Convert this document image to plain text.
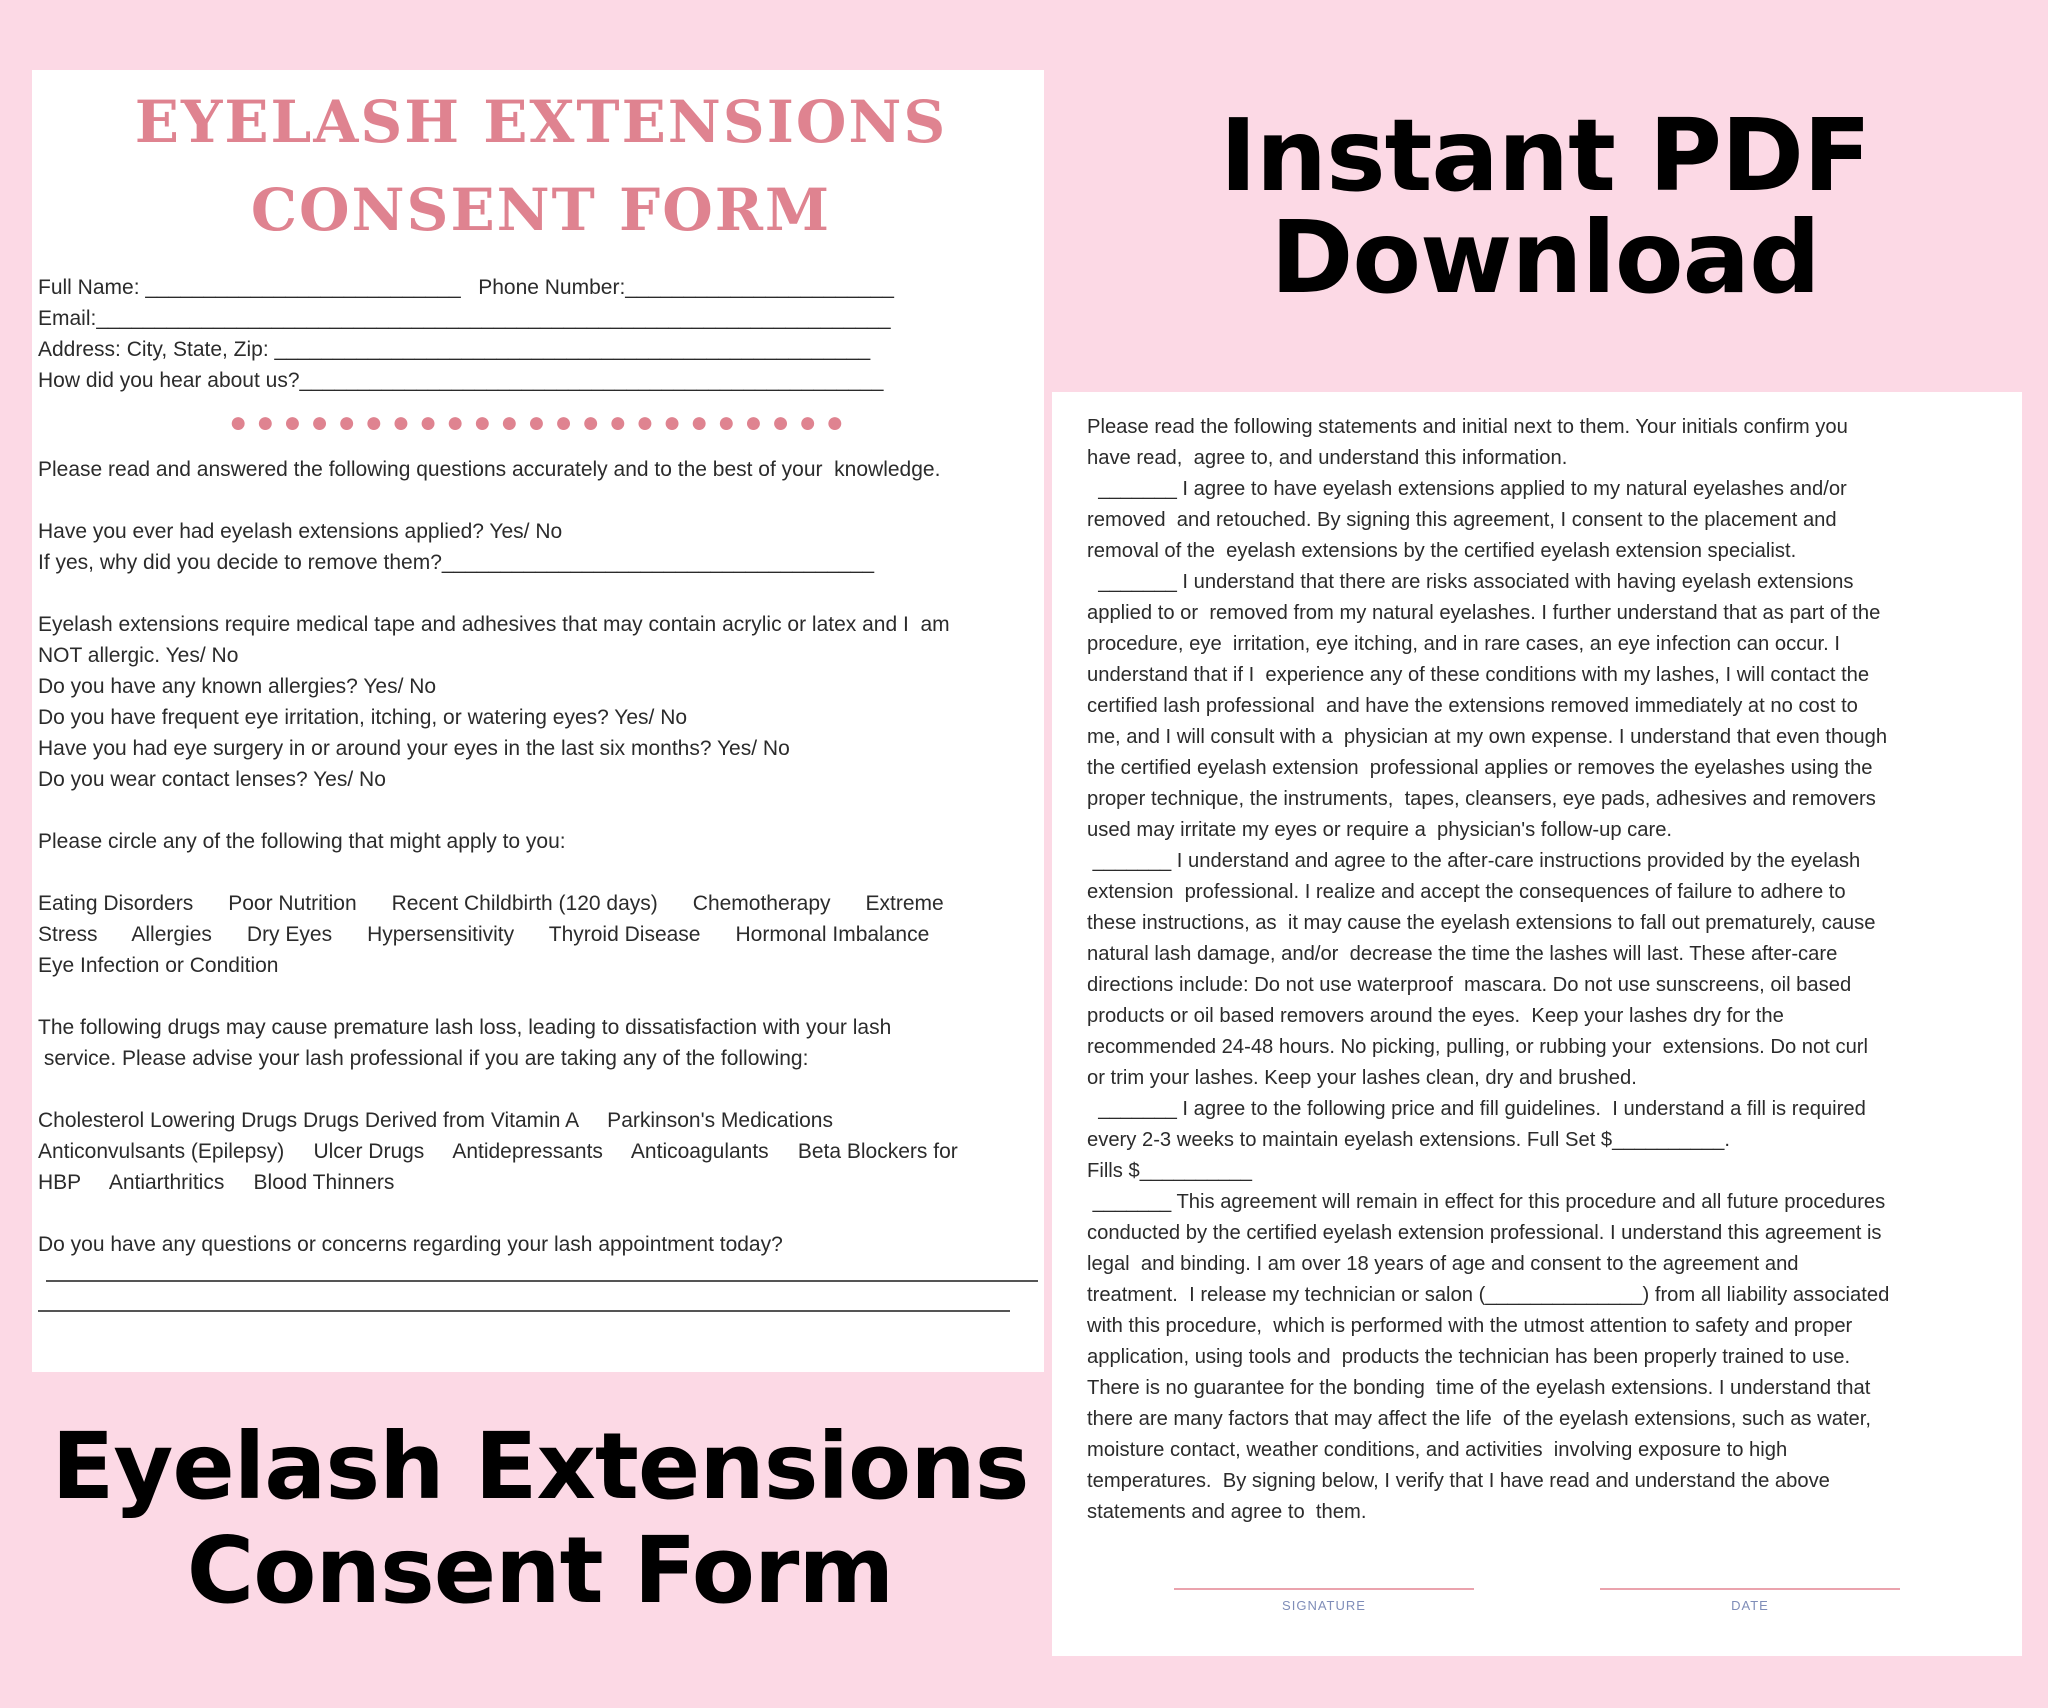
Instant PDF
Download
Eyelash Extensions
Consent Form
EYELASH EXTENSIONS
CONSENT FORM
Full Name: ___________________________   Phone Number:_______________________
Email:____________________________________________________________________
Address: City, State, Zip: ___________________________________________________
How did you hear about us?__________________________________________________
●●●●●●●●●●●●●●●●●●●●●●●
Please read and answered the following questions accurately and to the best of your  knowledge.
Have you ever had eyelash extensions applied? Yes/ No
If yes, why did you decide to remove them?_____________________________________
Eyelash extensions require medical tape and adhesives that may contain acrylic or latex and I  am
NOT allergic. Yes/ No
Do you have any known allergies? Yes/ No
Do you have frequent eye irritation, itching, or watering eyes? Yes/ No
Have you had eye surgery in or around your eyes in the last six months? Yes/ No
Do you wear contact lenses? Yes/ No
Please circle any of the following that might apply to you:
Eating Disorders      Poor Nutrition      Recent Childbirth (120 days)      Chemotherapy      Extreme
Stress      Allergies      Dry Eyes      Hypersensitivity      Thyroid Disease      Hormonal Imbalance
Eye Infection or Condition
The following drugs may cause premature lash loss, leading to dissatisfaction with your lash
service. Please advise your lash professional if you are taking any of the following:
Cholesterol Lowering Drugs Drugs Derived from Vitamin A     Parkinson's Medications
Anticonvulsants (Epilepsy)     Ulcer Drugs     Antidepressants     Anticoagulants     Beta Blockers for
HBP     Antiarthritics     Blood Thinners
Do you have any questions or concerns regarding your lash appointment today?
Please read the following statements and initial next to them. Your initials confirm you
have read,  agree to, and understand this information.
_______ I agree to have eyelash extensions applied to my natural eyelashes and/or
removed  and retouched. By signing this agreement, I consent to the placement and
removal of the  eyelash extensions by the certified eyelash extension specialist.
_______ I understand that there are risks associated with having eyelash extensions
applied to or  removed from my natural eyelashes. I further understand that as part of the
procedure, eye  irritation, eye itching, and in rare cases, an eye infection can occur. I
understand that if I  experience any of these conditions with my lashes, I will contact the
certified lash professional  and have the extensions removed immediately at no cost to
me, and I will consult with a  physician at my own expense. I understand that even though
the certified eyelash extension  professional applies or removes the eyelashes using the
proper technique, the instruments,  tapes, cleansers, eye pads, adhesives and removers
used may irritate my eyes or require a  physician's follow-up care.
_______ I understand and agree to the after-care instructions provided by the eyelash
extension  professional. I realize and accept the consequences of failure to adhere to
these instructions, as  it may cause the eyelash extensions to fall out prematurely, cause
natural lash damage, and/or  decrease the time the lashes will last. These after-care
directions include: Do not use waterproof  mascara. Do not use sunscreens, oil based
products or oil based removers around the eyes.  Keep your lashes dry for the
recommended 24-48 hours. No picking, pulling, or rubbing your  extensions. Do not curl
or trim your lashes. Keep your lashes clean, dry and brushed.
_______ I agree to the following price and fill guidelines.  I understand a fill is required
every 2-3 weeks to maintain eyelash extensions. Full Set $__________.
Fills $__________
_______ This agreement will remain in effect for this procedure and all future procedures
conducted by the certified eyelash extension professional. I understand this agreement is
legal  and binding. I am over 18 years of age and consent to the agreement and
treatment.  I release my technician or salon (______________) from all liability associated
with this procedure,  which is performed with the utmost attention to safety and proper
application, using tools and  products the technician has been properly trained to use.
There is no guarantee for the bonding  time of the eyelash extensions. I understand that
there are many factors that may affect the life  of the eyelash extensions, such as water,
moisture contact, weather conditions, and activities  involving exposure to high
temperatures.  By signing below, I verify that I have read and understand the above
statements and agree to  them.
SIGNATURE	DATE
